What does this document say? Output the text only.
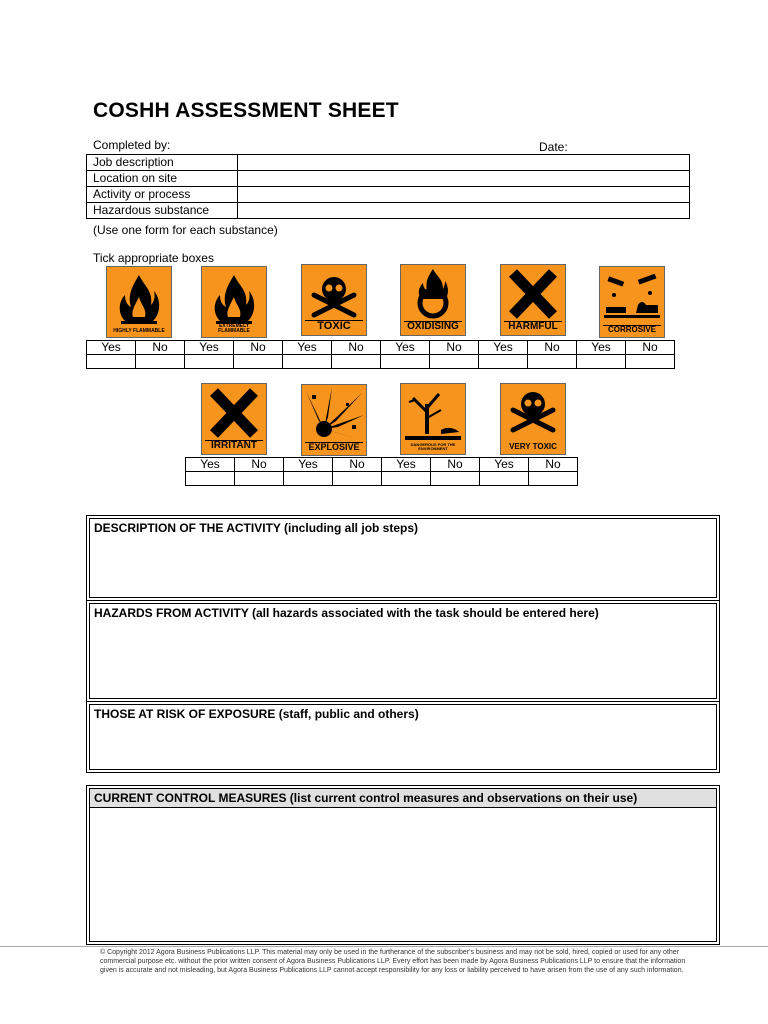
COSHH ASSESSMENT SHEET
Completed by:	Date:
Job description	
Location on site	
Activity or process	
Hazardous substance	
(Use one form for each substance)
Tick appropriate boxes
HIGHLY FLAMMABLE
EXTREMELY FLAMMABLE	TOXIC	OXIDISING	HARMFUL	CORROSIVE
Yes	No	Yes	No	Yes	No	Yes	No	Yes	No	Yes	No

IRRITANT	EXPLOSIVE	DANGEROUS FOR THE ENVIRONMENT	VERY TOXIC
Yes	No	Yes	No	Yes	No	Yes	No

DESCRIPTION OF THE ACTIVITY (including all job steps)
HAZARDS FROM ACTIVITY (all hazards associated with the task should be entered here)
THOSE AT RISK OF EXPOSURE (staff, public and others)
CURRENT CONTROL MEASURES (list current control measures and observations on their use)
© Copyright 2012 Agora Business Publications LLP. This material may only be used in the furtherance of the subscriber's business and may not be sold, hired, copied or used for any other commercial purpose etc. without the prior written consent of Agora Business Publications LLP. Every effort has been made by Agora Business Publications LLP to ensure that the information given is accurate and not misleading, but Agora Business Publications LLP cannot accept responsibility for any loss or liability perceived to have arisen from the use of any such information.
